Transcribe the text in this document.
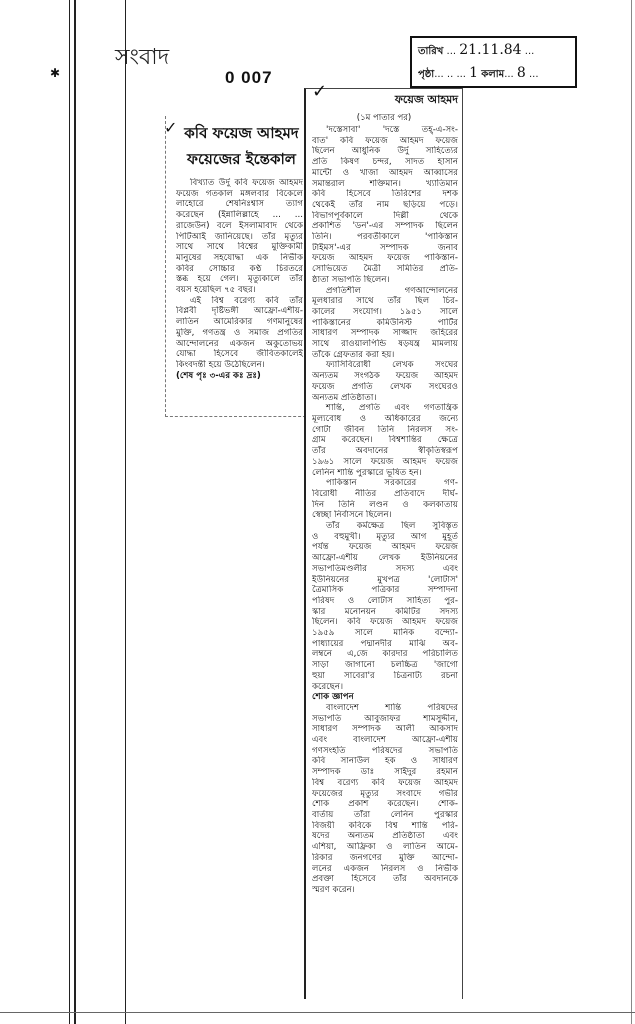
✱
সংবাদ
0 007
তারিখ ... 21.11.84 ...
পৃষ্ঠা... .. ... 1 কলাম... 8 ...
✓ কবি ফয়েজ আহমদ
ফয়েজের ইন্তেকাল
বিখ্যাত উর্দু কবি ফয়েজ আহমদ
ফয়েজ গতকাল মঙ্গলবার বিকেলে
লাহোরে শেষনিঃশ্বাস ত্যাগ
করেছেন (ইন্নালিল্লাহে ... ...
রাজেউন) বলে ইসলামাবাদ থেকে
পিটিআই জানিয়েছে। তাঁর মৃত্যুর
সাথে সাথে বিশ্বের মুক্তিকামী
মানুষের সহযোদ্ধা এক নির্ভীক
কবির সোচ্চার কণ্ঠ চিরতরে
স্তব্ধ হয়ে গেল। মৃত্যুকালে তাঁর
বয়স হয়েছিল ৭৫ বছর।
এই বিশ্ব বরেণ্য কবি তাঁর
বিপ্লবী দৃষ্টিভঙ্গী আফ্রো-এশীয়-
লাতিন আমেরিকার গণমানুষের
মুক্তি, গণতন্ত্র ও সমাজ প্রগতির
আন্দোলনের একজন অকুতোভয়
যোদ্ধা হিসেবে জীবিতকালেই
কিংবদন্তী হয়ে উঠেছিলেন।
(শেষ পৃঃ ৩-এর কঃ দ্রঃ)
✓	ফয়েজ আহমদ
(১ম পাতার পর)
'দস্তেসাবা' 'দস্তে তহ্-এ-সং-
বাত' কবি ফয়েজ আহমদ ফয়েজ
ছিলেন আধুনিক উর্দু সাহিত্যের
প্রতি কিষণ চন্দর, সাদত হাসান
মান্টো ও খাজা আহমদ আব্বাসের
সমান্তরাল শক্তিমান। খ্যাতিমান
কবি হিসেবে তিরিশের দশক
থেকেই তাঁর নাম ছড়িয়ে পড়ে।
বিভাগপূর্বকালে দিল্লী থেকে
প্রকাশিত 'ডন'-এর সম্পাদক ছিলেন
তিনি। পরবর্তীকালে 'পাকিস্তান
টাইমস'-এর সম্পাদক জনাব
ফয়েজ আহমদ ফয়েজ পাকিস্তান-
সোভিয়েত মৈত্রী সমিতির প্রতি-
ষ্ঠাতা সভাপতি ছিলেন।
প্রগতিশীল গণআন্দোলনের
মূলধারার সাথে তাঁর ছিল চির-
কালের সংযোগ। ১৯৫১ সালে
পাকিস্তানের কমিউনিস্ট পার্টির
সাধারণ সম্পাদক সাজ্জাদ জহিরের
সাথে রাওয়ালপিন্ডি ষড়যন্ত্র মামলায়
তাঁকে গ্রেফতার করা হয়।
ফ্যাসিবিরোধী লেখক সংঘের
অন্যতম সংগঠক ফয়েজ আহমদ
ফয়েজ প্রগতি লেখক সংঘেরও
অন্যতম প্রতিষ্ঠাতা।
শান্তি, প্রগতি এবং গণতান্ত্রিক
মূল্যবোধ ও অধিকারের জন্যে
গোটা জীবন তিনি নিরলস সং-
গ্রাম করেছেন। বিশ্বশান্তির ক্ষেত্রে
তাঁর অবদানের স্বীকৃতিস্বরূপ
১৯৬১ সালে ফয়েজ আহমদ ফয়েজ
লেনিন শান্তি পুরস্কারে ভূষিত হন।
পাকিস্তান সরকারের গণ-
বিরোধী নীতির প্রতিবাদে দীর্ঘ-
দিন তিনি লণ্ডন ও কলকাতায়
স্বেচ্ছা নির্বাসনে ছিলেন।
তাঁর কর্মক্ষেত্র ছিল সুবিস্তৃত
ও বহুমুখী। মৃত্যুর আগ মুহূর্ত
পর্যন্ত ফয়েজ আহমদ ফয়েজ
আফ্রো-এশীয় লেখক ইউনিয়নের
সভাপতিমণ্ডলীর সদস্য এবং
ইউনিয়নের মুখপত্র 'লোটাস'
ত্রৈমাসিক পত্রিকার সম্পাদনা
পরিষদ ও লোটাস সাহিত্য পুর-
স্কার মনোনয়ন কমিটির সদস্য
ছিলেন। কবি ফয়েজ আহমদ ফয়েজ
১৯৫৯ সালে মানিক বন্দ্যো-
পাধ্যায়ের পদ্মানদীর মাঝি অব-
লম্বনে এ,জে কারদার পরিচালিত
সাড়া জাগানো চলচ্চিত্র 'জাগো
হুয়া সাবেরা'র চিত্রনাট্য রচনা
করেছেন।
শোক জ্ঞাপন
বাংলাদেশ শান্তি পরিষদের
সভাপতি আবুজাফর শামসুদ্দীন,
সাধারণ সম্পাদক আলী আকসাদ
এবং বাংলাদেশ আফ্রো-এশীয়
গণসংহতি পরিষদের সভাপতি
কবি সানাউল হক ও সাধারণ
সম্পাদক ডাঃ সাইদুর রহমান
বিশ্ব বরেণ্য কবি ফয়েজ আহমদ
ফয়েজের মৃত্যুর সংবাদে গভীর
শোক প্রকাশ করেছেন। শোক-
বার্তায় তাঁরা লেনিন পুরস্কার
বিজয়ী কবিকে বিশ্ব শান্তি পরি-
ষদের অন্যতম প্রতিষ্ঠাতা এবং
এশিয়া, আফ্রিকা ও লাতিন আমে-
রিকার জনগণের মুক্তি আন্দো-
লনের একজন নিরলস ও নির্ভীক
প্রবক্তা হিসেবে তাঁর অবদানকে
স্মরণ করেন।
